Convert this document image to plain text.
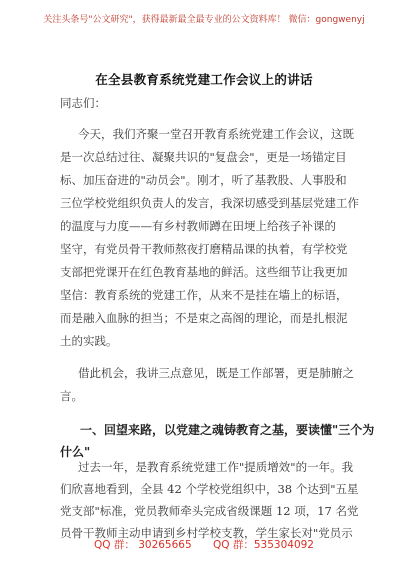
关注头条号"公文研究"，获得最新最全最专业的公文资料库！ 微信：gongwenyj
在全县教育系统党建工作会议上的讲话
同志们：
今天，我们齐聚一堂召开教育系统党建工作会议，这既
是一次总结过往、凝聚共识的"复盘会"，更是一场锚定目
标、加压奋进的"动员会"。刚才，听了基教股、人事股和
三位学校党组织负责人的发言，我深切感受到基层党建工作
的温度与力度——有乡村教师蹲在田埂上给孩子补课的
坚守，有党员骨干教师熬夜打磨精品课的执着，有学校党
支部把党课开在红色教育基地的鲜活。这些细节让我更加
坚信：教育系统的党建工作，从来不是挂在墙上的标语，
而是融入血脉的担当；不是束之高阁的理论，而是扎根泥
土的实践。
借此机会，我讲三点意见，既是工作部署，更是肺腑之
言。
一、回望来路，以党建之魂铸教育之基，要读懂"三个为
什么"
过去一年，是教育系统党建工作"提质增效"的一年。我
们欣喜地看到，全县 42 个学校党组织中，38 个达到"五星
党支部"标准，党员教师牵头完成省级课题 12 项，17 名党
员骨干教师主动申请到乡村学校支教，学生家长对"党员示
QQ 群： 30265665 QQ 群：535304092
